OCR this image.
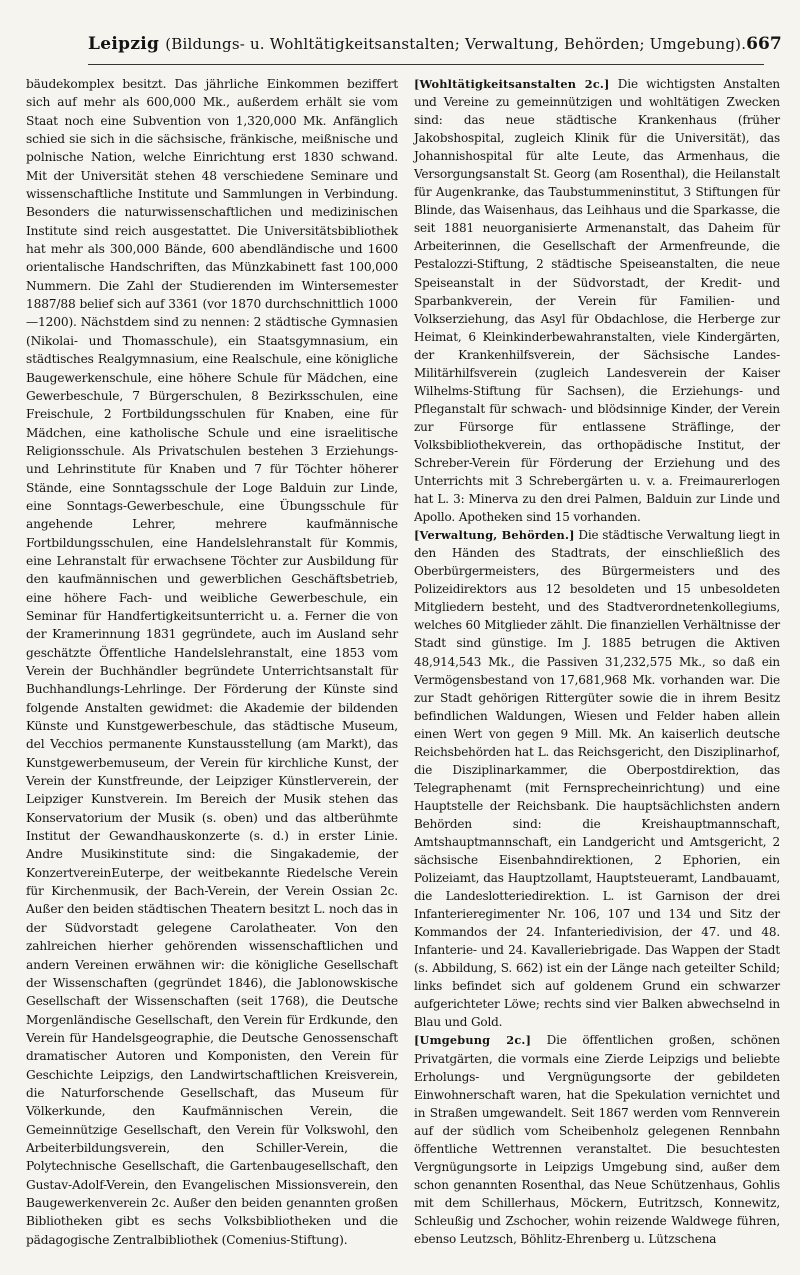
Leipzig (Bildungs- u. Wohltätigkeitsanstalten; Verwaltung, Behörden; Umgebung). 667

bäudekomplex besitzt. Das jährliche Einkommen beziffert sich auf mehr als 600,000 Mk., außerdem erhält sie vom Staat noch eine Subvention von 1,320,000 Mk. Anfänglich schied sie sich in die sächsische, fränkische, meißnische und polnische Nation, welche Einrichtung erst 1830 schwand. Mit der Universität stehen 48 verschiedene Seminare und wissenschaftliche Institute und Sammlungen in Verbindung. Besonders die naturwissenschaftlichen und medizinischen Institute sind reich ausgestattet. Die Universitätsbibliothek hat mehr als 300,000 Bände, 600 abendländische und 1600 orientalische Handschriften, das Münzkabinett fast 100,000 Nummern. Die Zahl der Studierenden im Wintersemester 1887/88 belief sich auf 3361 (vor 1870 durchschnittlich 1000—1200). Nächstdem sind zu nennen: 2 städtische Gymnasien (Nikolai- und Thomasschule), ein Staatsgymnasium, ein städtisches Realgymnasium, eine Realschule, eine königliche Baugewerkenschule, eine höhere Schule für Mädchen, eine Gewerbeschule, 7 Bürgerschulen, 8 Bezirksschulen, eine Freischule, 2 Fortbildungsschulen für Knaben, eine für Mädchen, eine katholische Schule und eine israelitische Religionsschule. Als Privatschulen bestehen 3 Erziehungs- und Lehrinstitute für Knaben und 7 für Töchter höherer Stände, eine Sonntagsschule der Loge Balduin zur Linde, eine Sonntags-Gewerbeschule, eine Übungsschule für angehende Lehrer, mehrere kaufmännische Fortbildungsschulen, eine Handelslehranstalt für Kommis, eine Lehranstalt für erwachsene Töchter zur Ausbildung für den kaufmännischen und gewerblichen Geschäftsbetrieb, eine höhere Fach- und weibliche Gewerbeschule, ein Seminar für Handfertigkeitsunterricht u. a. Ferner die von der Kramerinnung 1831 gegründete, auch im Ausland sehr geschätzte Öffentliche Handelslehranstalt, eine 1853 vom Verein der Buchhändler begründete Unterrichtsanstalt für Buchhandlungs-Lehrlinge. Der Förderung der Künste sind folgende Anstalten gewidmet: die Akademie der bildenden Künste und Kunstgewerbeschule, das städtische Museum, del Vecchios permanente Kunstausstellung (am Markt), das Kunstgewerbemuseum, der Verein für kirchliche Kunst, der Verein der Kunstfreunde, der Leipziger Künstlerverein, der Leipziger Kunstverein. Im Bereich der Musik stehen das Konservatorium der Musik (s. oben) und das altberühmte Institut der Gewandhauskonzerte (s. d.) in erster Linie. Andre Musikinstitute sind: die Singakademie, der KonzertvereinEuterpe, der weitbekannte Riedelsche Verein für Kirchenmusik, der Bach-Verein, der Verein Ossian 2c. Außer den beiden städtischen Theatern besitzt L. noch das in der Südvorstadt gelegene Carolatheater. Von den zahlreichen hierher gehörenden wissenschaftlichen und andern Vereinen erwähnen wir: die königliche Gesellschaft der Wissenschaften (gegründet 1846), die Jablonowskische Gesellschaft der Wissenschaften (seit 1768), die Deutsche Morgenländische Gesellschaft, den Verein für Erdkunde, den Verein für Handelsgeographie, die Deutsche Genossenschaft dramatischer Autoren und Komponisten, den Verein für Geschichte Leipzigs, den Landwirtschaftlichen Kreisverein, die Naturforschende Gesellschaft, das Museum für Völkerkunde, den Kaufmännischen Verein, die Gemeinnützige Gesellschaft, den Verein für Volkswohl, den Arbeiterbildungsverein, den Schiller-Verein, die Polytechnische Gesellschaft, die Gartenbaugesellschaft, den Gustav-Adolf-Verein, den Evangelischen Missionsverein, den Baugewerkenverein 2c. Außer den beiden genannten großen Bibliotheken gibt es sechs Volksbibliotheken und die pädagogische Zentralbibliothek (Comenius-Stiftung).

[Wohltätigkeitsanstalten 2c.] Die wichtigsten Anstalten und Vereine zu gemeinnützigen und wohltätigen Zwecken sind: das neue städtische Krankenhaus (früher Jakobshospital, zugleich Klinik für die Universität), das Johannishospital für alte Leute, das Armenhaus, die Versorgungsanstalt St. Georg (am Rosenthal), die Heilanstalt für Augenkranke, das Taubstummeninstitut, 3 Stiftungen für Blinde, das Waisenhaus, das Leihhaus und die Sparkasse, die seit 1881 neuorganisierte Armenanstalt, das Daheim für Arbeiterinnen, die Gesellschaft der Armenfreunde, die Pestalozzi-Stiftung, 2 städtische Speiseanstalten, die neue Speiseanstalt in der Südvorstadt, der Kredit- und Sparbankverein, der Verein für Familien- und Volkserziehung, das Asyl für Obdachlose, die Herberge zur Heimat, 6 Kleinkinderbewahranstalten, viele Kindergärten, der Krankenhilfsverein, der Sächsische Landes-Militärhilfsverein (zugleich Landesverein der Kaiser Wilhelms-Stiftung für Sachsen), die Erziehungs- und Pfleganstalt für schwach- und blödsinnige Kinder, der Verein zur Fürsorge für entlassene Sträflinge, der Volksbibliothekverein, das orthopädische Institut, der Schreber-Verein für Förderung der Erziehung und des Unterrichts mit 3 Schrebergärten u. v. a. Freimaurerlogen hat L. 3: Minerva zu den drei Palmen, Balduin zur Linde und Apollo. Apotheken sind 15 vorhanden.

[Verwaltung, Behörden.] Die städtische Verwaltung liegt in den Händen des Stadtrats, der einschließlich des Oberbürgermeisters, des Bürgermeisters und des Polizeidirektors aus 12 besoldeten und 15 unbesoldeten Mitgliedern besteht, und des Stadtverordnetenkollegiums, welches 60 Mitglieder zählt. Die finanziellen Verhältnisse der Stadt sind günstige. Im J. 1885 betrugen die Aktiven 48,914,543 Mk., die Passiven 31,232,575 Mk., so daß ein Vermögensbestand von 17,681,968 Mk. vorhanden war. Die zur Stadt gehörigen Rittergüter sowie die in ihrem Besitz befindlichen Waldungen, Wiesen und Felder haben allein einen Wert von gegen 9 Mill. Mk. An kaiserlich deutsche Reichsbehörden hat L. das Reichsgericht, den Disziplinarhof, die Disziplinarkammer, die Oberpostdirektion, das Telegraphenamt (mit Fernsprecheinrichtung) und eine Hauptstelle der Reichsbank. Die hauptsächlichsten andern Behörden sind: die Kreishauptmannschaft, Amtshauptmannschaft, ein Landgericht und Amtsgericht, 2 sächsische Eisenbahndirektionen, 2 Ephorien, ein Polizeiamt, das Hauptzollamt, Hauptsteueramt, Landbauamt, die Landeslotteriedirektion. L. ist Garnison der drei Infanterieregimenter Nr. 106, 107 und 134 und Sitz der Kommandos der 24. Infanteriedivision, der 47. und 48. Infanterie- und 24. Kavalleriebrigade. Das Wappen der Stadt (s. Abbildung, S. 662) ist ein der Länge nach geteilter Schild; links befindet sich auf goldenem Grund ein schwarzer aufgerichteter Löwe; rechts sind vier Balken abwechselnd in Blau und Gold.

[Umgebung 2c.] Die öffentlichen großen, schönen Privatgärten, die vormals eine Zierde Leipzigs und beliebte Erholungs- und Vergnügungsorte der gebildeten Einwohnerschaft waren, hat die Spekulation vernichtet und in Straßen umgewandelt. Seit 1867 werden vom Rennverein auf der südlich vom Scheibenholz gelegenen Rennbahn öffentliche Wettrennen veranstaltet. Die besuchtesten Vergnügungsorte in Leipzigs Umgebung sind, außer dem schon genannten Rosenthal, das Neue Schützenhaus, Gohlis mit dem Schillerhaus, Möckern, Eutritzsch, Konnewitz, Schleußig und Zschocher, wohin reizende Waldwege führen, ebenso Leutzsch, Böhlitz-Ehrenberg u. Lützschena
